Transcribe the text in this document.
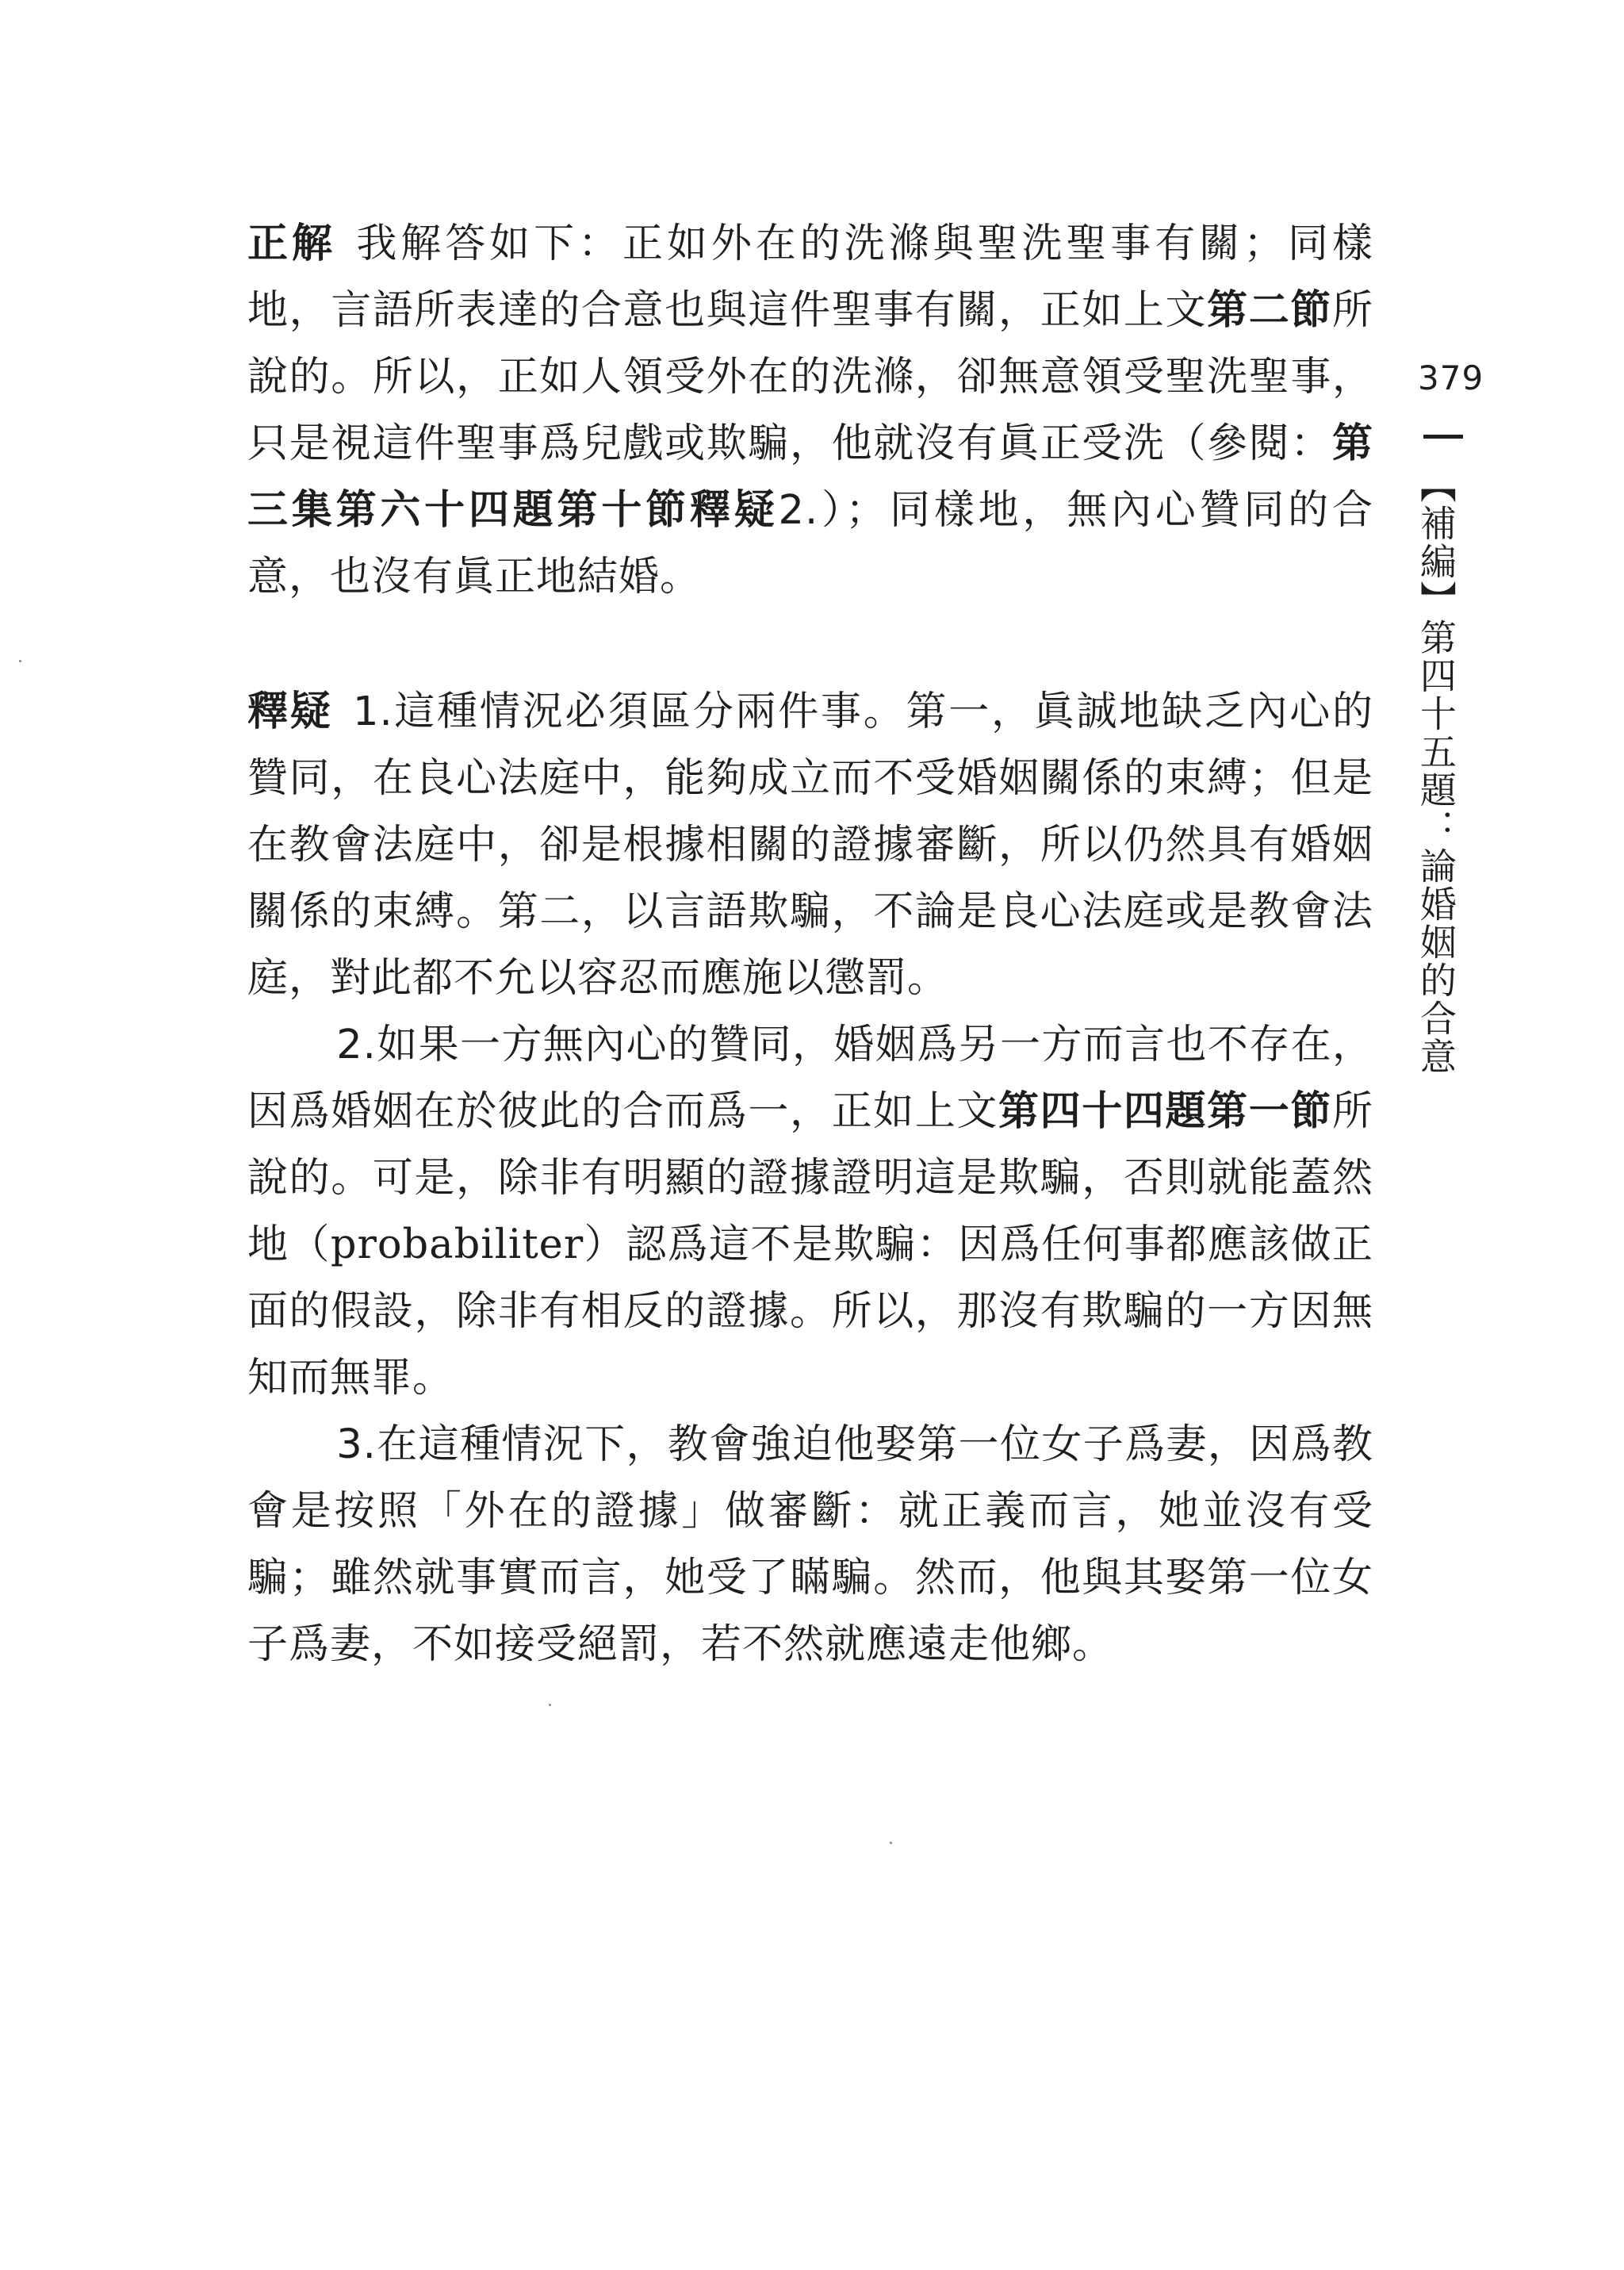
正解 我解答如下：正如外在的洗滌與聖洗聖事有關；同樣地，言語所表達的合意也與這件聖事有關，正如上文第二節所說的。所以，正如人領受外在的洗滌，卻無意領受聖洗聖事，只是視這件聖事爲兒戲或欺騙，他就沒有眞正受洗（參閱：第三集第六十四題第十節釋疑2.）；同樣地，無內心贊同的合意，也沒有眞正地結婚。

釋疑 1.這種情況必須區分兩件事。第一，眞誠地缺乏內心的贊同，在良心法庭中，能夠成立而不受婚姻關係的束縛；但是在教會法庭中，卻是根據相關的證據審斷，所以仍然具有婚姻關係的束縛。第二，以言語欺騙，不論是良心法庭或是教會法庭，對此都不允以容忍而應施以懲罰。

2.如果一方無內心的贊同，婚姻爲另一方而言也不存在，因爲婚姻在於彼此的合而爲一，正如上文第四十四題第一節所說的。可是，除非有明顯的證據證明這是欺騙，否則就能蓋然地（probabiliter）認爲這不是欺騙：因爲任何事都應該做正面的假設，除非有相反的證據。所以，那沒有欺騙的一方因無知而無罪。

3.在這種情況下，教會強迫他娶第一位女子爲妻，因爲教會是按照「外在的證據」做審斷：就正義而言，她並沒有受騙；雖然就事實而言，她受了瞞騙。然而，他與其娶第一位女子爲妻，不如接受絕罰，若不然就應遠走他鄉。

379
【補編】第四十五題：論婚姻的合意
